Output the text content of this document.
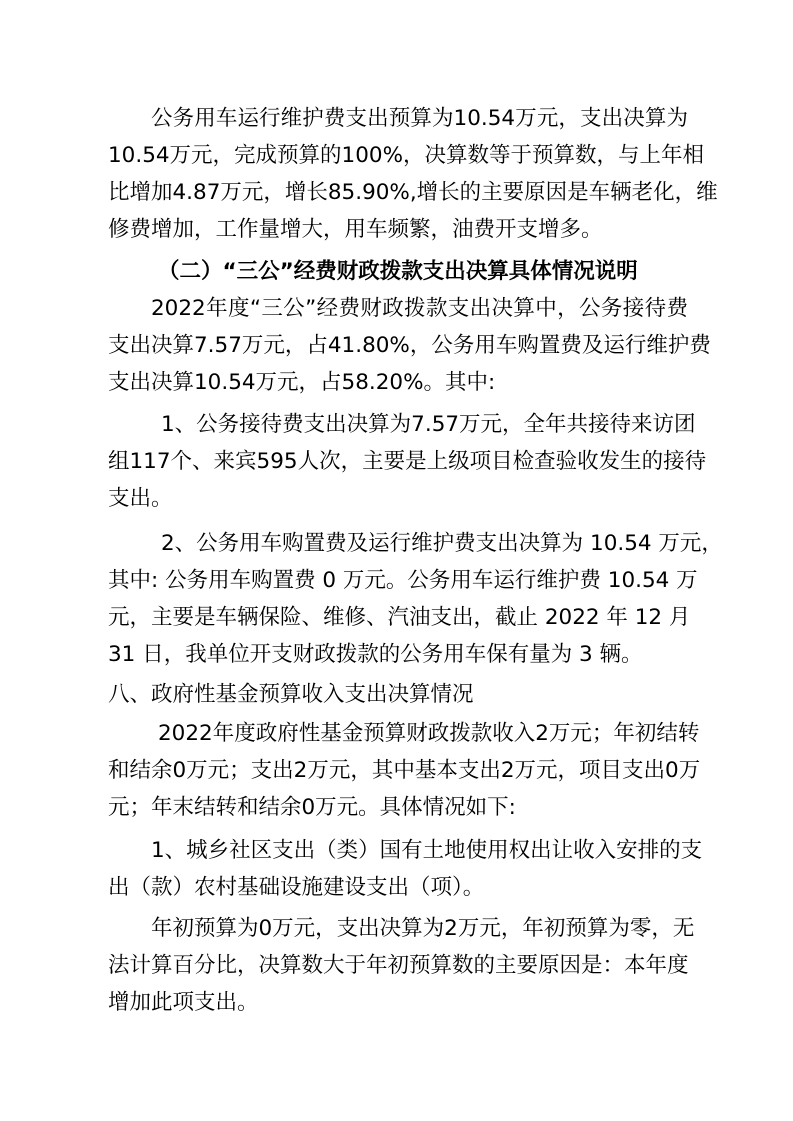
公务用车运行维护费支出预算为10.54万元，支出决算为
10.54万元，完成预算的100%，决算数等于预算数，与上年相
比增加4.87万元，增长85.90%,增长的主要原因是车辆老化，维
修费增加，工作量增大，用车频繁，油费开支增多。
（二）“三公”经费财政拨款支出决算具体情况说明
2022年度“三公”经费财政拨款支出决算中，公务接待费
支出决算7.57万元，占41.80%，公务用车购置费及运行维护费
支出决算10.54万元，占58.20%。其中:
1、公务接待费支出决算为7.57万元，全年共接待来访团
组117个、来宾595人次，主要是上级项目检查验收发生的接待
支出。
2、公务用车购置费及运行维护费支出决算为 10.54 万元，
其中: 公务用车购置费 0 万元。公务用车运行维护费 10.54 万
元，主要是车辆保险、维修、汽油支出，截止 2022 年 12 月
31 日，我单位开支财政拨款的公务用车保有量为 3 辆。
八、政府性基金预算收入支出决算情况
2022年度政府性基金预算财政拨款收入2万元；年初结转
和结余0万元；支出2万元，其中基本支出2万元，项目支出0万
元；年末结转和结余0万元。具体情况如下:
1、城乡社区支出（类）国有土地使用权出让收入安排的支
出（款）农村基础设施建设支出（项）。
年初预算为0万元，支出决算为2万元，年初预算为零，无
法计算百分比，决算数大于年初预算数的主要原因是：本年度
增加此项支出。
